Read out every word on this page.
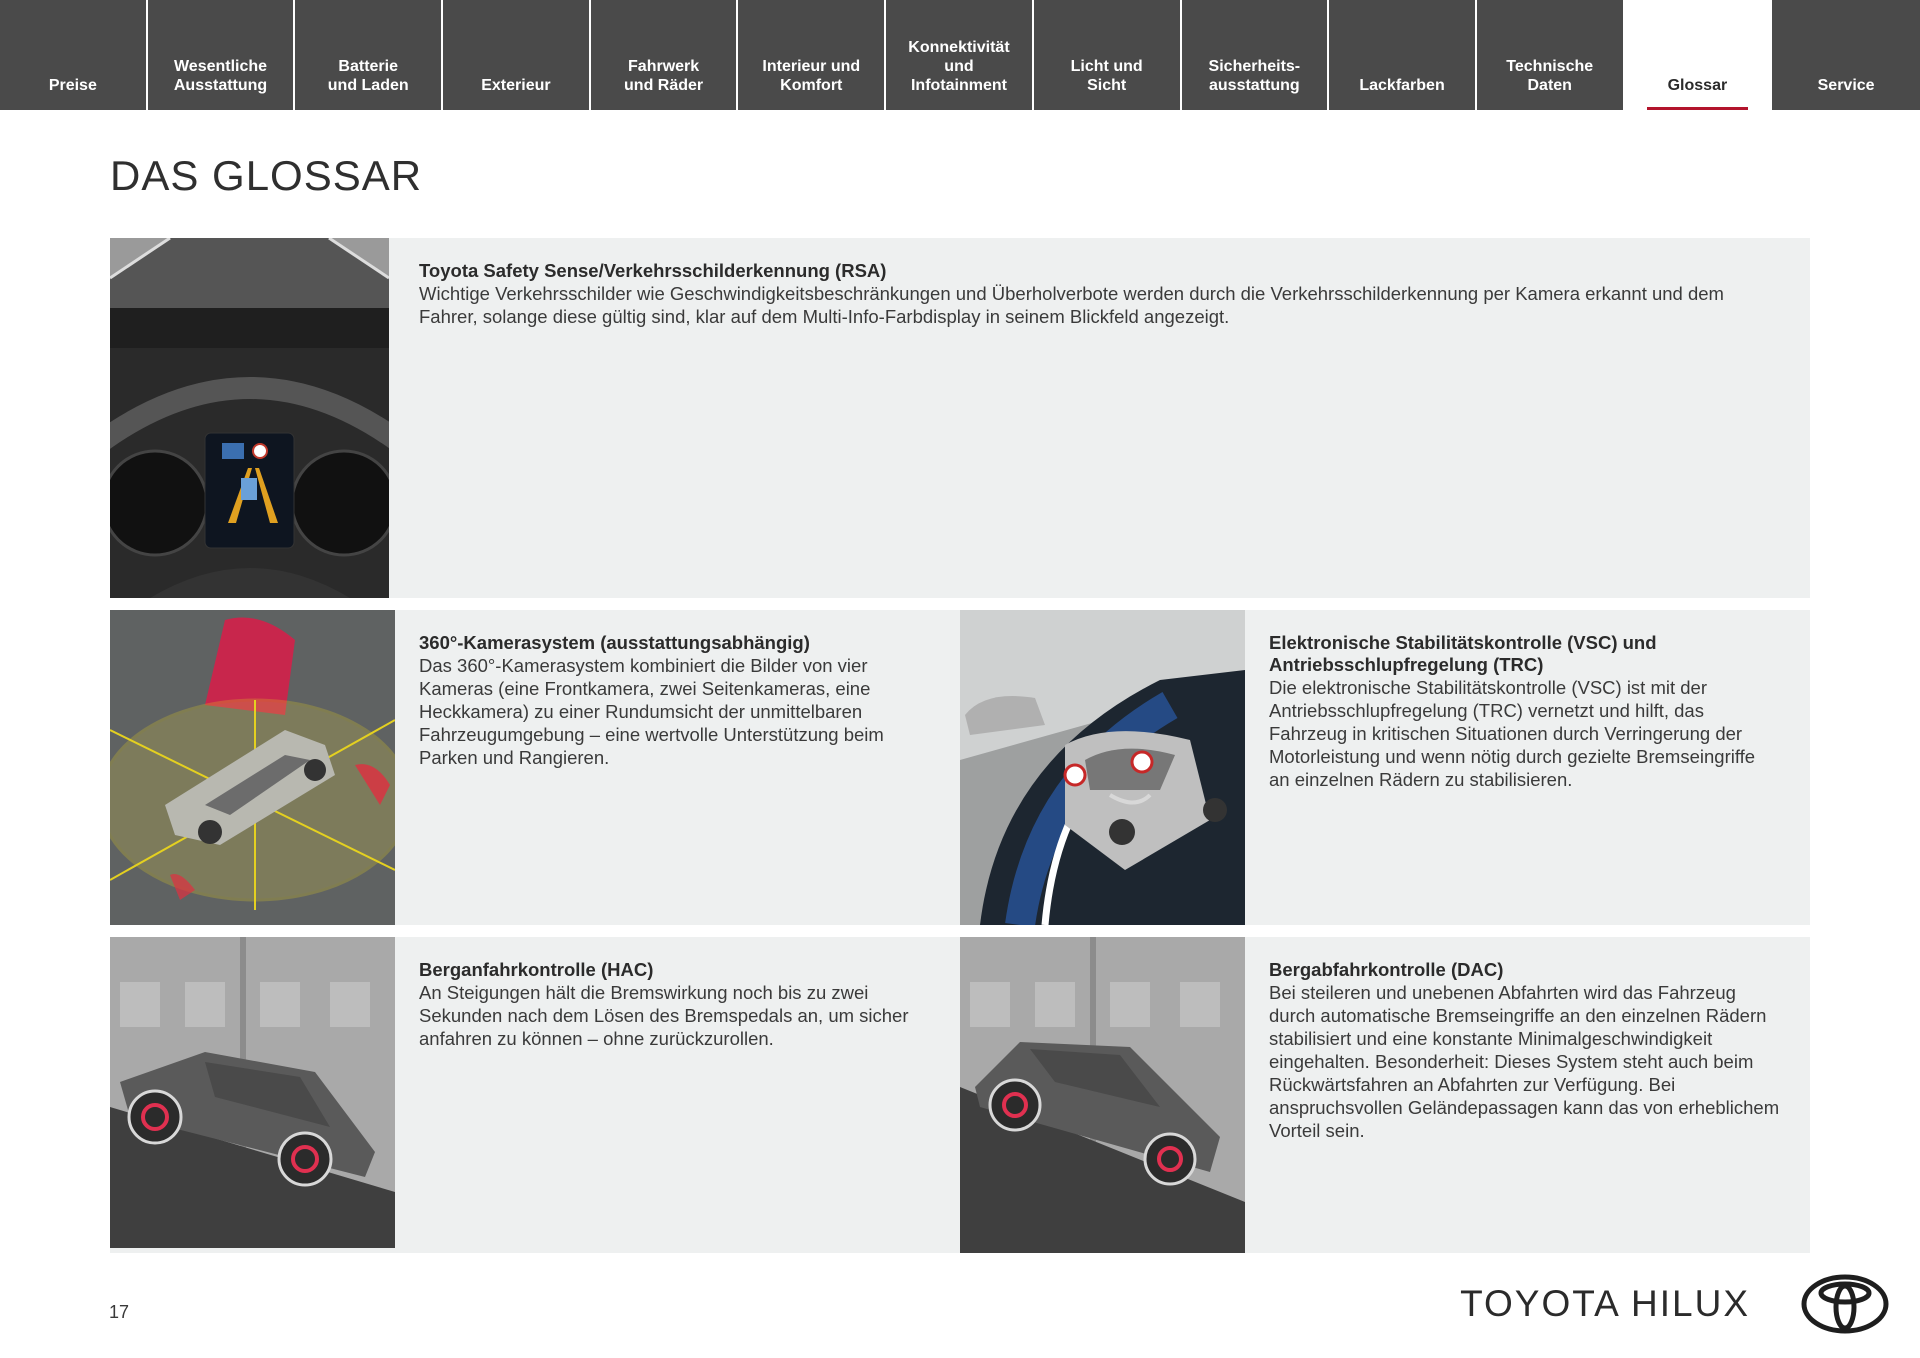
Preise
Wesentliche
Ausstattung
Batterie
und Laden	Exterieur
Fahrwerk
und Räder
Interieur und
Komfort
Konnektivität
und
Infotainment
Licht und
Sicht
Sicherheits-
ausstattung	Lackfarben
Technische
Daten	Glossar	Service
DAS GLOSSAR
Toyota Safety Sense/Verkehrsschilderkennung (RSA)

Wichtige Verkehrsschilder wie Geschwindigkeitsbeschränkungen und Überholverbote werden durch die Verkehrsschilderkennung per Kamera erkannt und dem Fahrer, solange diese gültig sind, klar auf dem Multi-Info-Farbdisplay in seinem Blickfeld angezeigt.

360°-Kamerasystem (ausstattungsabhängig)

Das 360°-Kamerasystem kombiniert die Bilder von vier Kameras (eine Frontkamera, zwei Seitenkameras, eine Heckkamera) zu einer Rundumsicht der unmittelbaren Fahrzeugumgebung – eine wertvolle Unterstützung beim Parken und Rangieren.

Elektronische Stabilitätskontrolle (VSC) und Antriebsschlupfregelung (TRC)

Die elektronische Stabilitätskontrolle (VSC) ist mit der Antriebsschlupfregelung (TRC) vernetzt und hilft, das Fahrzeug in kritischen Situationen durch Verringerung der Motorleistung und wenn nötig durch gezielte Bremseingriffe an einzelnen Rädern zu stabilisieren.

Berganfahrkontrolle (HAC)

An Steigungen hält die Bremswirkung noch bis zu zwei Sekunden nach dem Lösen des Bremspedals an, um sicher anfahren zu können – ohne zurückzurollen.

Bergabfahrkontrolle (DAC)

Bei steileren und unebenen Abfahrten wird das Fahrzeug durch automatische Bremseingriffe an den einzelnen Rädern stabilisiert und eine konstante Minimalgeschwindigkeit eingehalten. Besonderheit: Dieses System steht auch beim Rückwärtsfahren an Abfahrten zur Verfügung. Bei anspruchsvollen Geländepassagen kann das von erheblichem Vorteil sein.

17	TOYOTA HILUX
